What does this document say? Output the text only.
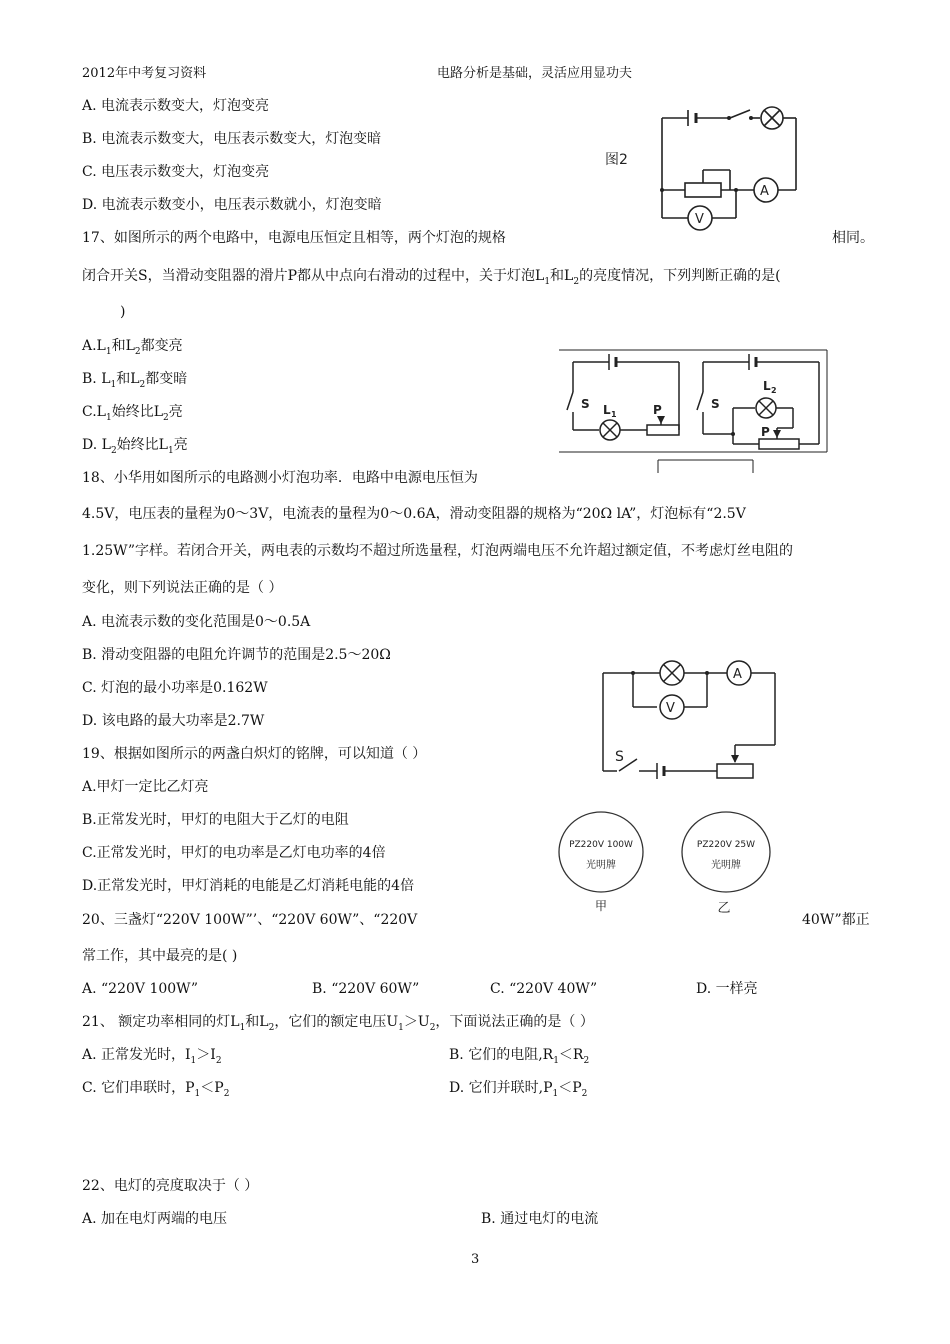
2012年中考复习资料	电路分析是基础，灵活应用显功夫
A. 电流表示数变大，灯泡变亮
B. 电流表示数变大，电压表示数变大，灯泡变暗
C. 电压表示数变大，灯泡变亮
D. 电流表示数变小，电压表示数就小，灯泡变暗
图2
A
V
17、如图所示的两个电路中，电源电压恒定且相等，两个灯泡的规格	相同。
闭合开关S，当滑动变阻器的滑片P都从中点向右滑动的过程中，关于灯泡$L_1$和$L_2$的亮度情况，下列判断正确的是(
)
$A.L_1$和$L_2$都变亮
B. $L_1$和$L_2$都变暗
$C.L_1$始终比$L_2$亮
D. $L_2$始终比$L_1$亮
S L 1	P	S
L 2
P
18、小华用如图所示的电路测小灯泡功率．电路中电源电压恒为
4.5V，电压表的量程为0～3V，电流表的量程为0～0.6A，滑动变阻器的规格为“20Ω lA”，灯泡标有“2.5V
1.25W”字样。若闭合开关，两电表的示数均不超过所选量程，灯泡两端电压不允许超过额定值，不考虑灯丝电阻的
变化，则下列说法正确的是（ ）
A. 电流表示数的变化范围是0～0.5A
B. 滑动变阻器的电阻允许调节的范围是2.5～20Ω
C. 灯泡的最小功率是0.162W
D. 该电路的最大功率是2.7W
A
V
S
19、根据如图所示的两盏白炽灯的铭牌，可以知道（ ）
A.甲灯一定比乙灯亮
B.正常发光时，甲灯的电阻大于乙灯的电阻
C.正常发光时，甲灯的电功率是乙灯电功率的4倍
D.正常发光时，甲灯消耗的电能是乙灯消耗电能的4倍
PZ220V 100W
光明牌
PZ220V 25W
光明牌
甲	乙
20、三盏灯“220V 100W”’、“220V 60W”、“220V	40W”都正
常工作，其中最亮的是( )
A. “220V 100W”	B. “220V 60W”	C. “220V 40W”	D. 一样亮
21、 额定功率相同的灯$L_1$和$L_2$，它们的额定电压$U_1>U_2$，下面说法正确的是（ ）
A. 正常发光时，$I_1>I_2$	B. 它们的电阻$,R_1<R_2$
C. 它们串联时，$P_1<P_2$	D. 它们并联时$,P_1<P_2$
22、电灯的亮度取决于（ ）
A. 加在电灯两端的电压	B. 通过电灯的电流
3
